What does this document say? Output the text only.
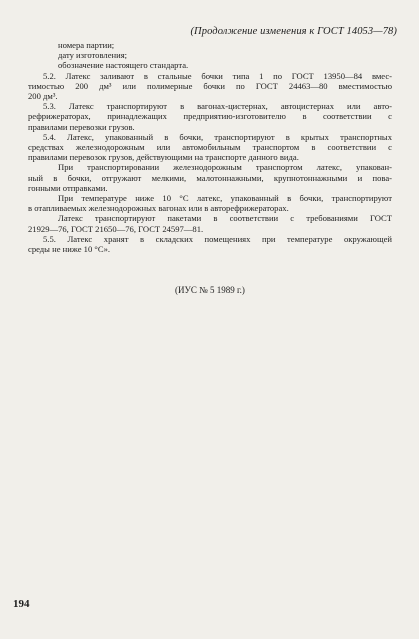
(Продолжение изменения к ГОСТ 14053—78)
номера партии;
дату изготовления;
обозначение настоящего стандарта.
5.2. Латекс заливают в стальные бочки типа 1 по ГОСТ 13950—84 вмес-
тимостью 200 дм³ или полимерные бочки по ГОСТ 24463—80 вместимостью
200 дм³.
5.3. Латекс транспортируют в вагонах-цистернах, автоцистернах или авто-
рефрижераторах, принадлежащих предприятию-изготовителю в соответствии с
правилами перевозки грузов.
5.4. Латекс, упакованный в бочки, транспортируют в крытых транспортных
средствах железнодорожным или автомобильным транспортом в соответствии с
правилами перевозок грузов, действующими на транспорте данного вида.
При транспортировании железнодорожным транспортом латекс, упакован-
ный в бочки, отгружают мелкими, малотоннажными, крупнотоннажными и пова-
гонными отправками.
При температуре ниже 10 °С латекс, упакованный в бочки, транспортируют
в отапливаемых железнодорожных вагонах или в авторефрижераторах.
Латекс транспортируют пакетами в соответствии с требованиями ГОСТ
21929—76, ГОСТ 21650—76, ГОСТ 24597—81.
5.5. Латекс хранят в складских помещениях при температуре окружающей
среды не ниже 10 °С».
(ИУС № 5 1989 г.)
194
